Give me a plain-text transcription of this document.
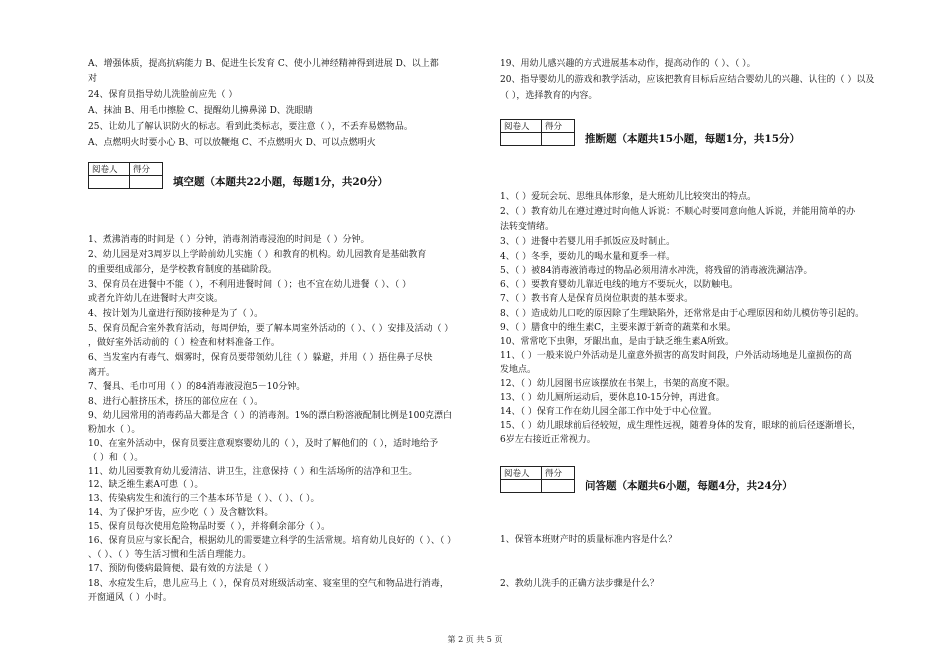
A、增强体质，提高抗病能力 B、促进生长发育 C、使小儿神经精神得到进展 D、以上都
对
24、保育员指导幼儿洗脸前应先（ ）
A、抹油 B、用毛巾擦脸 C、提醒幼儿擤鼻涕 D、洗眼睛
25、让幼儿了解认识防火的标志。看到此类标志，要注意（ ），不丢弃易燃物品。
A、点燃明火时要小心 B、可以放鞭炮 C、不点燃明火 D、可以点燃明火
阅卷人	得分

填空题（本题共22小题，每题1分，共20分）
1、煮沸消毒的时间是（ ）分钟，消毒剂消毒浸泡的时间是（ ）分钟。
2、幼儿园是对3周岁以上学龄前幼儿实施（ ）和教育的机构。幼儿园教育是基础教育
的重要组成部分，是学校教育制度的基础阶段。
3、保育员在进餐中不能（ ），不利用进餐时间（ ）；也不宜在幼儿进餐（ ）、（ ）
或者允许幼儿在进餐时大声交谈。
4、按计划为儿童进行预防接种是为了（ ）。
5、保育员配合室外教育活动，每周伊始，要了解本周室外活动的（ ）、（ ）安排及活动（ ）
，做好室外活动前的（ ）检查和材料准备工作。
6、当发室内有毒气、烟雾时，保育员要带领幼儿往（ ）躲避，并用（ ）捂住鼻子尽快
离开。
7、餐具、毛巾可用（ ）的84消毒液浸泡5－10分钟。
8、进行心脏挤压术，挤压的部位应在（ ）。
9、幼儿园常用的消毒药品大都是含（ ）的消毒剂。1%的漂白粉溶液配制比例是100克漂白
粉加水（ ）。
10、在室外活动中，保育员要注意观察婴幼儿的（ ），及时了解他们的（ ），适时地给予
（ ）和（ ）。
11、幼儿园要教育幼儿爱清洁、讲卫生，注意保持（ ）和生活场所的洁净和卫生。
12、缺乏维生素A可患（ ）。
13、传染病发生和流行的三个基本环节是（ ）、（ ）、（ ）。
14、为了保护牙齿，应少吃（ ）及含糖饮料。
15、保育员每次使用危险物品时要（ ），并将剩余部分（ ）。
16、保育员应与家长配合，根据幼儿的需要建立科学的生活常规。培育幼儿良好的（ ）、（ ）
、（ ）、（ ）等生活习惯和生活自理能力。
17、预防佝偻病最简便、最有效的方法是（ ）
18、水痘发生后，患儿应马上（ ），保育员对班级活动室、寝室里的空气和物品进行消毒，
开窗通风（ ）小时。
19、用幼儿感兴趣的方式进展基本动作，提高动作的（ ）、（ ）。
20、指导婴幼儿的游戏和教学活动，应该把教育目标后应结合婴幼儿的兴趣、认往的（ ）以及
（ ），选择教育的内容。
阅卷人	得分

推断题（本题共15小题，每题1分，共15分）
1、（ ）爱玩会玩、思维具体形象，是大班幼儿比较突出的特点。
2、（ ）教育幼儿在遵过遵过时向他人诉说：不顺心时要同意向他人诉说，并能用简单的办
法转变情绪。
3、（ ）进餐中若婴儿用手抓饭应及时制止。
4、（ ）冬季，要幼儿的喝水量和夏季一样。
5、（ ）被84消毒液消毒过的物品必须用清水冲洗，将残留的消毒液洗涮洁净。
6、（ ）要教育婴幼儿靠近电线的地方不要玩火，以防触电。
7、（ ）教书育人是保育员岗位职责的基本要求。
8、（ ）造成幼儿口吃的原因除了生理缺陷外，还常常是由于心理原因和幼儿模仿等引起的。
9、（ ）膳食中的维生素C，主要来源于新奇的蔬菜和水果。
10、常常吃下虫卵，牙龈出血，是由于缺乏维生素A所致。
11、（ ）一般来说户外活动是儿童意外损害的高发时间段，户外活动场地是儿童损伤的高
发地点。
12、（ ）幼儿园图书应该摆放在书架上，书架的高度不限。
13、（ ）幼儿厕所运动后，要休息10-15分钟，再进食。
14、（ ）保育工作在幼儿园全部工作中处于中心位置。
15、（ ）幼儿眼球前后径较短，成生理性远视，随着身体的发育，眼球的前后径逐渐增长，
6岁左右接近正常视力。
阅卷人	得分

问答题（本题共6小题，每题4分，共24分）
1、保管本班财产时的质量标准内容是什么？
2、教幼儿洗手的正确方法步骤是什么？
第 2 页 共 5 页
